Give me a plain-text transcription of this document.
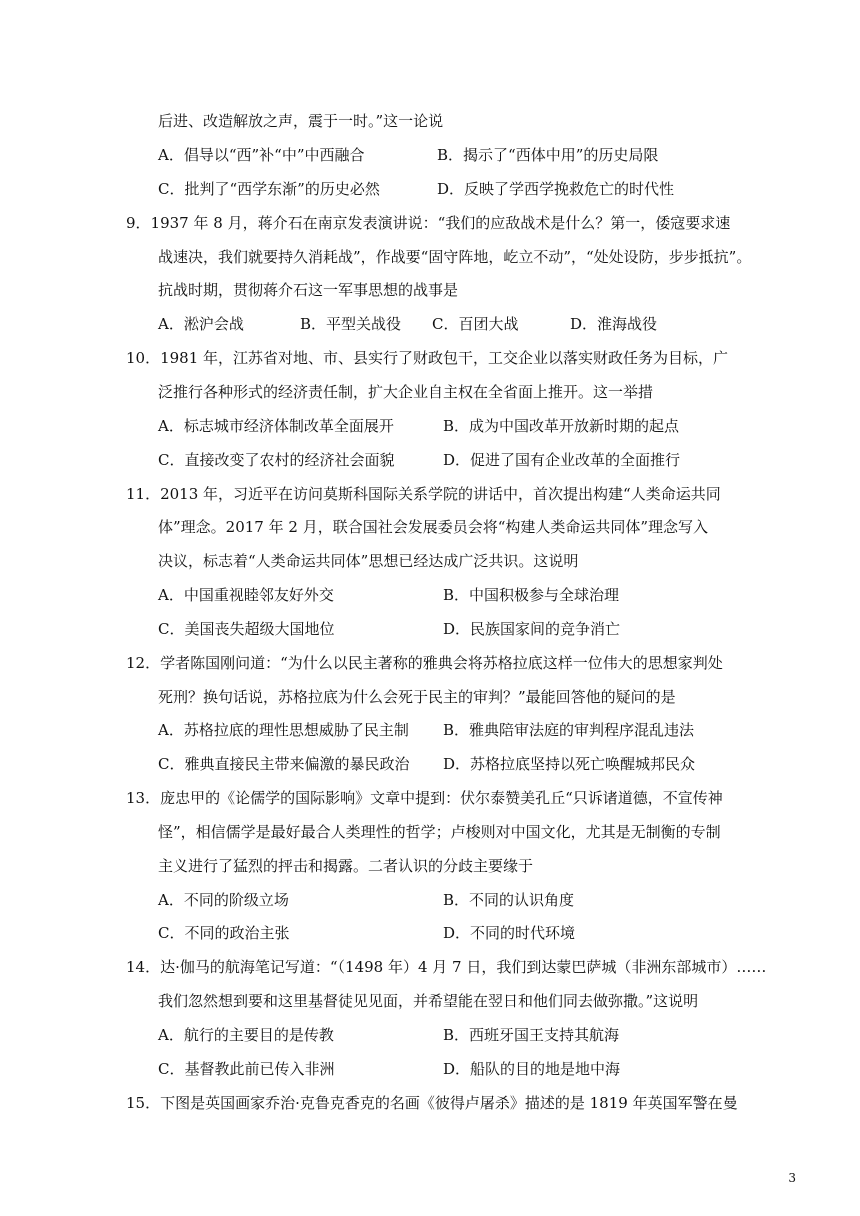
后进、改造解放之声，震于一时。”这一论说
A．倡导以“西”补“中”中西融合	B．揭示了“西体中用”的历史局限
C．批判了“西学东渐”的历史必然	D．反映了学西学挽救危亡的时代性
9．1937 年 8 月，蒋介石在南京发表演讲说：“我们的应敌战术是什么？第一，倭寇要求速
战速决，我们就要持久消耗战”，作战要“固守阵地，屹立不动”，“处处设防，步步抵抗”。
抗战时期，贯彻蒋介石这一军事思想的战事是
A．淞沪会战	B．平型关战役 C．百团大战	D．淮海战役
10．1981 年，江苏省对地、市、县实行了财政包干，工交企业以落实财政任务为目标，广
泛推行各种形式的经济责任制，扩大企业自主权在全省面上推开。这一举措
A．标志城市经济体制改革全面展开	B．成为中国改革开放新时期的起点
C．直接改变了农村的经济社会面貌	D．促进了国有企业改革的全面推行
11．2013 年，习近平在访问莫斯科国际关系学院的讲话中，首次提出构建“人类命运共同
体”理念。2017 年 2 月，联合国社会发展委员会将“构建人类命运共同体”理念写入
决议，标志着“人类命运共同体”思想已经达成广泛共识。这说明
A．中国重视睦邻友好外交	B．中国积极参与全球治理
C．美国丧失超级大国地位	D．民族国家间的竞争消亡
12．学者陈国刚问道：“为什么以民主著称的雅典会将苏格拉底这样一位伟大的思想家判处
死刑？换句话说，苏格拉底为什么会死于民主的审判？”最能回答他的疑问的是
A．苏格拉底的理性思想威胁了民主制 B．雅典陪审法庭的审判程序混乱违法
C．雅典直接民主带来偏激的暴民政治 D．苏格拉底坚持以死亡唤醒城邦民众
13．庞忠甲的《论儒学的国际影响》文章中提到：伏尔泰赞美孔丘“只诉诸道德，不宣传神
怪”，相信儒学是最好最合人类理性的哲学；卢梭则对中国文化，尤其是无制衡的专制
主义进行了猛烈的抨击和揭露。二者认识的分歧主要缘于
A．不同的阶级立场	B．不同的认识角度
C．不同的政治主张	D．不同的时代环境
14．达·伽马的航海笔记写道：“（1498 年）4 月 7 日，我们到达蒙巴萨城（非洲东部城市）……
我们忽然想到要和这里基督徒见见面，并希望能在翌日和他们同去做弥撒。”这说明
A．航行的主要目的是传教	B．西班牙国王支持其航海
C．基督教此前已传入非洲	D．船队的目的地是地中海
15．下图是英国画家乔治·克鲁克香克的名画《彼得卢屠杀》描述的是 1819 年英国军警在曼
3
